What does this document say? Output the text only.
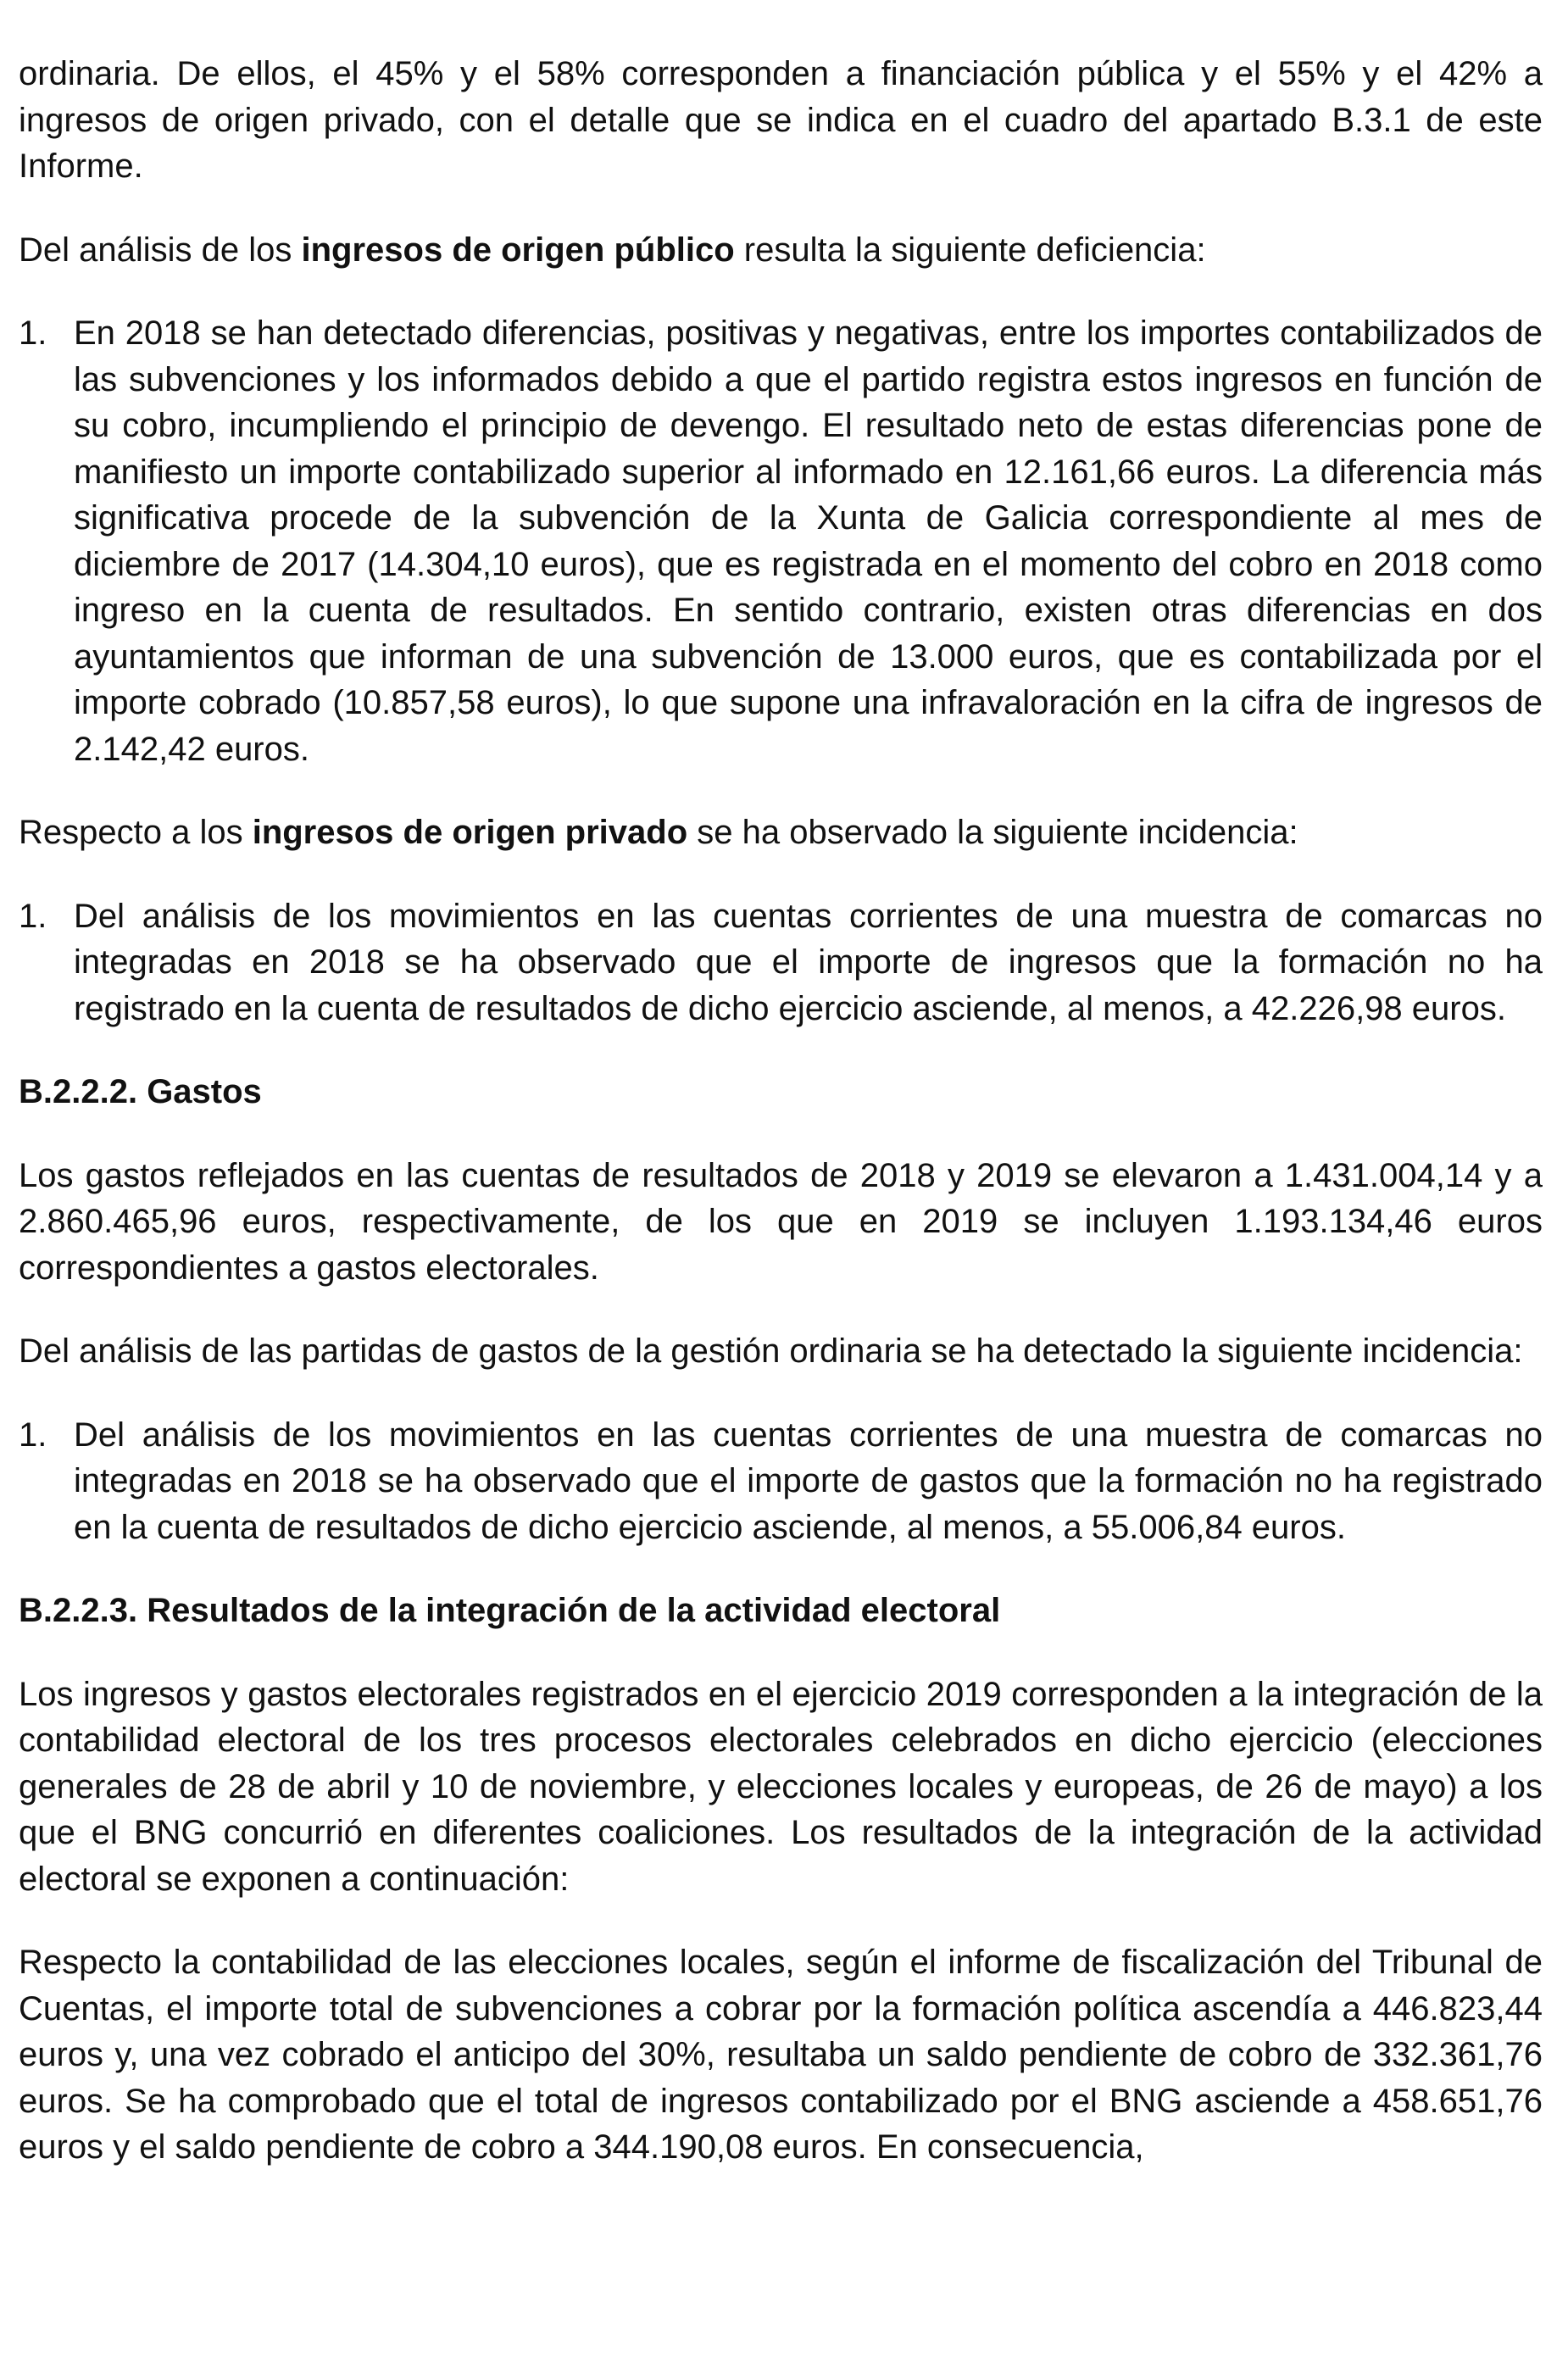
ordinaria. De ellos, el 45% y el 58% corresponden a financiación pública y el 55% y el 42% a ingresos de origen privado, con el detalle que se indica en el cuadro del apartado B.3.1 de este Informe.

Del análisis de los ingresos de origen público resulta la siguiente deficiencia:

1. En 2018 se han detectado diferencias, positivas y negativas, entre los importes contabilizados de las subvenciones y los informados debido a que el partido registra estos ingresos en función de su cobro, incumpliendo el principio de devengo. El resultado neto de estas diferencias pone de manifiesto un importe contabilizado superior al informado en 12.161,66 euros. La diferencia más significativa procede de la subvención de la Xunta de Galicia correspondiente al mes de diciembre de 2017 (14.304,10 euros), que es registrada en el momento del cobro en 2018 como ingreso en la cuenta de resultados. En sentido contrario, existen otras diferencias en dos ayuntamientos que informan de una subvención de 13.000 euros, que es contabilizada por el importe cobrado (10.857,58 euros), lo que supone una infravaloración en la cifra de ingresos de 2.142,42 euros.

Respecto a los ingresos de origen privado se ha observado la siguiente incidencia:

1. Del análisis de los movimientos en las cuentas corrientes de una muestra de comarcas no integradas en 2018 se ha observado que el importe de ingresos que la formación no ha registrado en la cuenta de resultados de dicho ejercicio asciende, al menos, a 42.226,98 euros.
B.2.2.2. Gastos

Los gastos reflejados en las cuentas de resultados de 2018 y 2019 se elevaron a 1.431.004,14 y a 2.860.465,96 euros, respectivamente, de los que en 2019 se incluyen 1.193.134,46 euros correspondientes a gastos electorales.

Del análisis de las partidas de gastos de la gestión ordinaria se ha detectado la siguiente incidencia:

1. Del análisis de los movimientos en las cuentas corrientes de una muestra de comarcas no integradas en 2018 se ha observado que el importe de gastos que la formación no ha registrado en la cuenta de resultados de dicho ejercicio asciende, al menos, a 55.006,84 euros.
B.2.2.3. Resultados de la integración de la actividad electoral

Los ingresos y gastos electorales registrados en el ejercicio 2019 corresponden a la integración de la contabilidad electoral de los tres procesos electorales celebrados en dicho ejercicio (elecciones generales de 28 de abril y 10 de noviembre, y elecciones locales y europeas, de 26 de mayo) a los que el BNG concurrió en diferentes coaliciones. Los resultados de la integración de la actividad electoral se exponen a continuación:

Respecto la contabilidad de las elecciones locales, según el informe de fiscalización del Tribunal de Cuentas, el importe total de subvenciones a cobrar por la formación política ascendía a 446.823,44 euros y, una vez cobrado el anticipo del 30%, resultaba un saldo pendiente de cobro de 332.361,76 euros. Se ha comprobado que el total de ingresos contabilizado por el BNG asciende a 458.651,76 euros y el saldo pendiente de cobro a 344.190,08 euros. En consecuencia,
